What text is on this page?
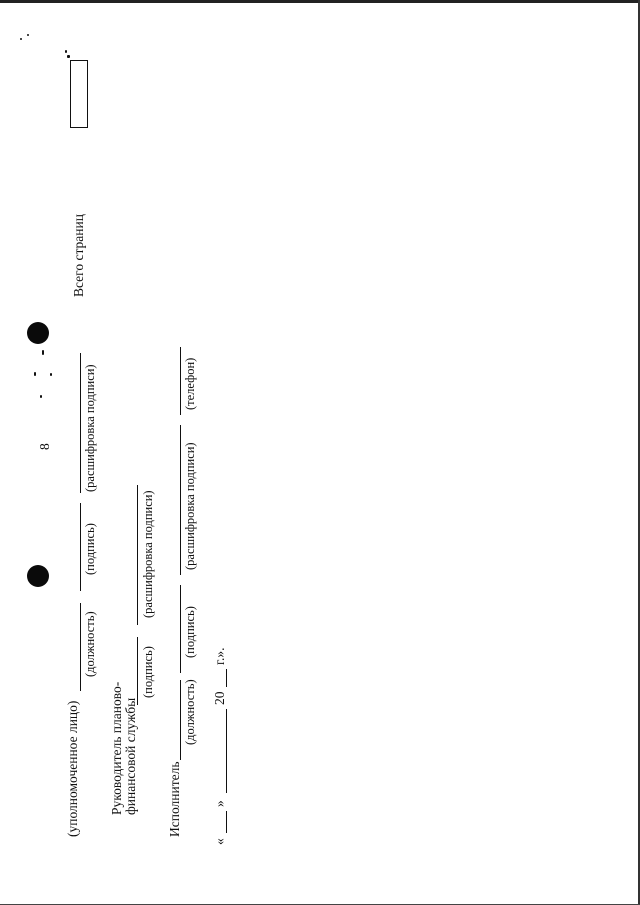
8
Всего страниц
(уполномоченное лицо)
(должность)
(подпись)
(расшифровка подписи)
Руководитель планово- финансовой службы
(подпись)
(расшифровка подписи)
Исполнитель
(должность)
(подпись)
(расшифровка подписи)
(телефон)
«
»
20
г.».
